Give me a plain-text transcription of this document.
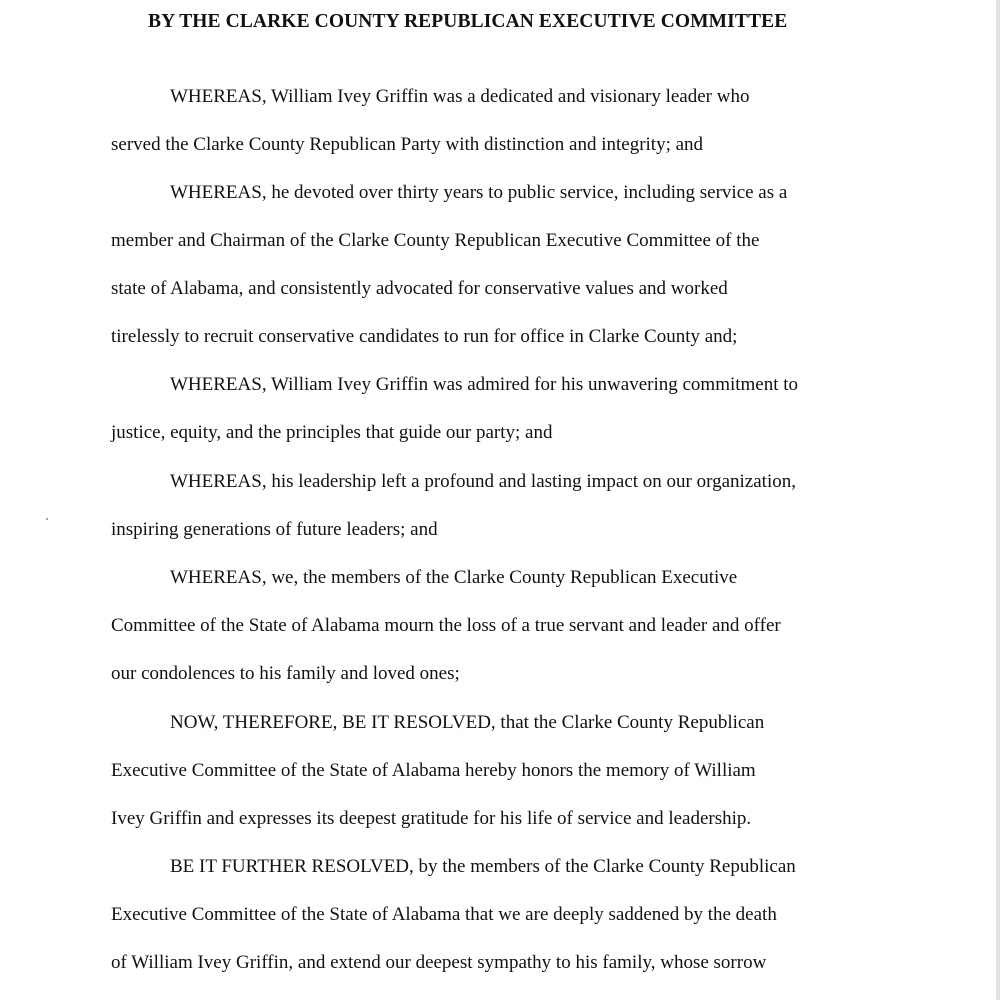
BY THE CLARKE COUNTY REPUBLICAN EXECUTIVE COMMITTEE
WHEREAS, William Ivey Griffin was a dedicated and visionary leader who
served the Clarke County Republican Party with distinction and integrity; and
WHEREAS, he devoted over thirty years to public service, including service as a
member and Chairman of the Clarke County Republican Executive Committee of the
state of Alabama, and consistently advocated for conservative values and worked
tirelessly to recruit conservative candidates to run for office in Clarke County and;
WHEREAS, William Ivey Griffin was admired for his unwavering commitment to
justice, equity, and the principles that guide our party; and
WHEREAS, his leadership left a profound and lasting impact on our organization,
inspiring generations of future leaders; and
WHEREAS, we, the members of the Clarke County Republican Executive
Committee of the State of Alabama mourn the loss of a true servant and leader and offer
our condolences to his family and loved ones;
NOW, THEREFORE, BE IT RESOLVED, that the Clarke County Republican
Executive Committee of the State of Alabama hereby honors the memory of William
Ivey Griffin and expresses its deepest gratitude for his life of service and leadership.
BE IT FURTHER RESOLVED, by the members of the Clarke County Republican
Executive Committee of the State of Alabama that we are deeply saddened by the death
of William Ivey Griffin, and extend our deepest sympathy to his family, whose sorrow
